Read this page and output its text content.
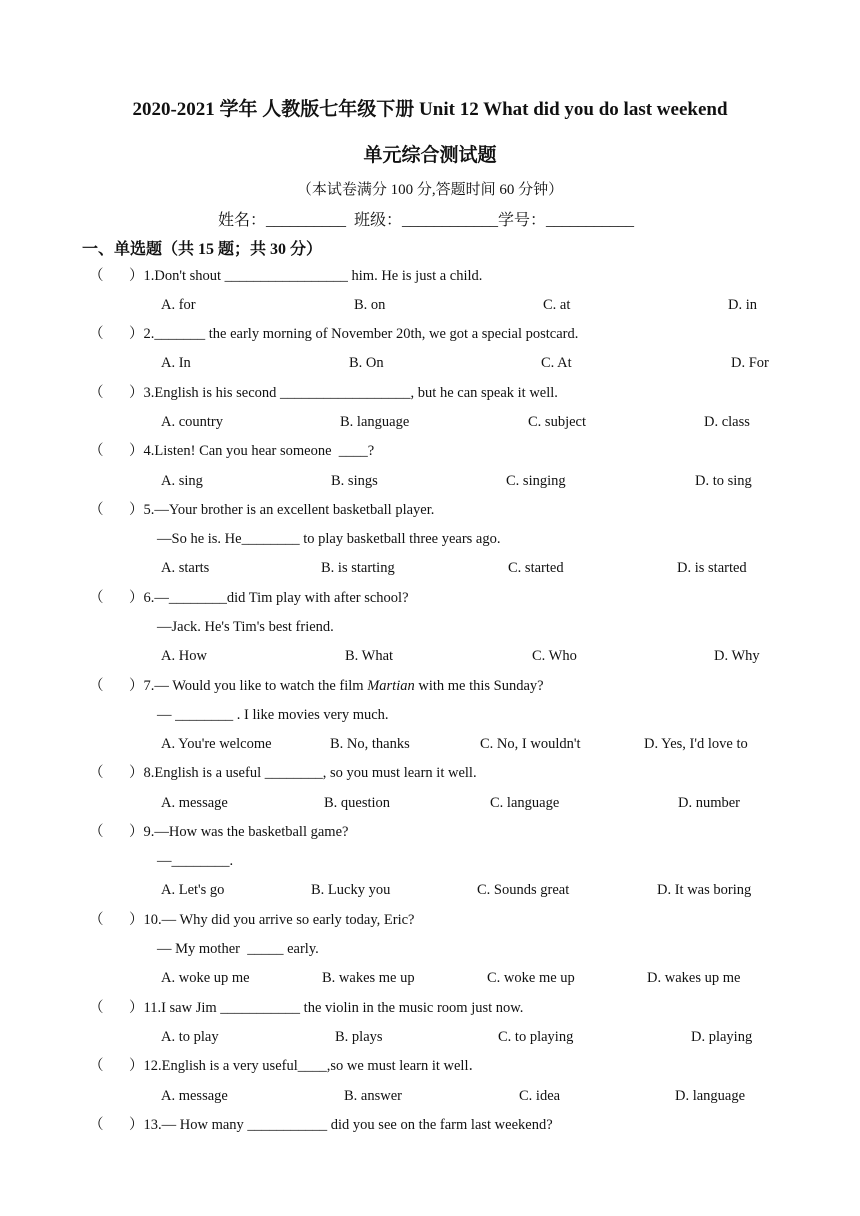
2020-2021 学年 人教版七年级下册 Unit 12 What did you do last weekend
单元综合测试题
（本试卷满分 100 分,答题时间 60 分钟）
姓名：__________  班级：____________学号：___________
一、单选题（共 15 题；共 30 分）
（ ）1.Don't shout _________________ him. He is just a child.
A. for	B. on	C. at	D. in
（ ）2._______ the early morning of November 20th, we got a special postcard.
A. In	B. On	C. At	D. For
（ ）3.English is his second __________________, but he can speak it well.
A. country	B. language	C. subject	D. class
（ ）4.Listen! Can you hear someone  ____?
A. sing	B. sings	C. singing	D. to sing
（ ）5.—Your brother is an excellent basketball player.
—So he is. He________ to play basketball three years ago.
A. starts	B. is starting	C. started	D. is started
（ ）6.—________did Tim play with after school?
—Jack. He's Tim's best friend.
A. How	B. What	C. Who	D. Why
（ ）7.— Would you like to watch the film Martian with me this Sunday?
— ________ . I like movies very much.
A. You're welcome	B. No, thanks	C. No, I wouldn't	D. Yes, I'd love to
（ ）8.English is a useful ________, so you must learn it well.
A. message	B. question	C. language	D. number
（ ）9.—How was the basketball game?
—________.
A. Let's go	B. Lucky you	C. Sounds great	D. It was boring
（ ）10.— Why did you arrive so early today, Eric?
— My mother  _____ early.
A. woke up me	B. wakes me up	C. woke me up	D. wakes up me
（ ）11.I saw Jim ___________ the violin in the music room just now.
A. to play	B. plays	C. to playing	D. playing
（ ）12.English is a very useful____,so we must learn it well．
A. message	B. answer	C. idea	D. language
（ ）13.— How many ___________ did you see on the farm last weekend?
